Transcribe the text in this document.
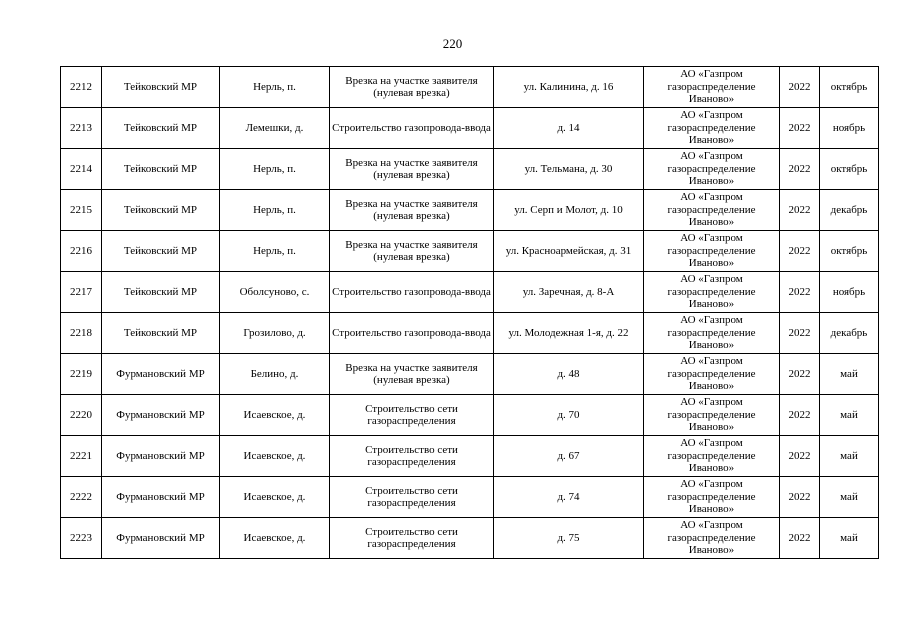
220
2212	Тейковский МР	Нерль, п.	Врезка на участке заявителя (нулевая врезка)	ул. Калинина, д. 16	АО «Газпром
газораспределение
Иваново»	2022	октябрь
2213	Тейковский МР	Лемешки, д.	Строительство газопровода-ввода	д. 14	АО «Газпром
газораспределение
Иваново»	2022	ноябрь
2214	Тейковский МР	Нерль, п.	Врезка на участке заявителя (нулевая врезка)	ул. Тельмана, д. 30	АО «Газпром
газораспределение
Иваново»	2022	октябрь
2215	Тейковский МР	Нерль, п.	Врезка на участке заявителя (нулевая врезка)	ул. Серп и Молот, д. 10	АО «Газпром
газораспределение
Иваново»	2022	декабрь
2216	Тейковский МР	Нерль, п.	Врезка на участке заявителя (нулевая врезка)	ул. Красноармейская, д. 31	АО «Газпром
газораспределение
Иваново»	2022	октябрь
2217	Тейковский МР	Оболсуново, с.	Строительство газопровода-ввода	ул. Заречная, д. 8-А	АО «Газпром
газораспределение
Иваново»	2022	ноябрь
2218	Тейковский МР	Грозилово, д.	Строительство газопровода-ввода	ул. Молодежная 1-я, д. 22	АО «Газпром
газораспределение
Иваново»	2022	декабрь
2219	Фурмановский МР	Белино, д.	Врезка на участке заявителя (нулевая врезка)	д. 48	АО «Газпром
газораспределение
Иваново»	2022	май
2220	Фурмановский МР	Исаевское, д.	Строительство сети газораспределения	д. 70	АО «Газпром
газораспределение
Иваново»	2022	май
2221	Фурмановский МР	Исаевское, д.	Строительство сети газораспределения	д. 67	АО «Газпром
газораспределение
Иваново»	2022	май
2222	Фурмановский МР	Исаевское, д.	Строительство сети газораспределения	д. 74	АО «Газпром
газораспределение
Иваново»	2022	май
2223	Фурмановский МР	Исаевское, д.	Строительство сети газораспределения	д. 75	АО «Газпром
газораспределение
Иваново»	2022	май
